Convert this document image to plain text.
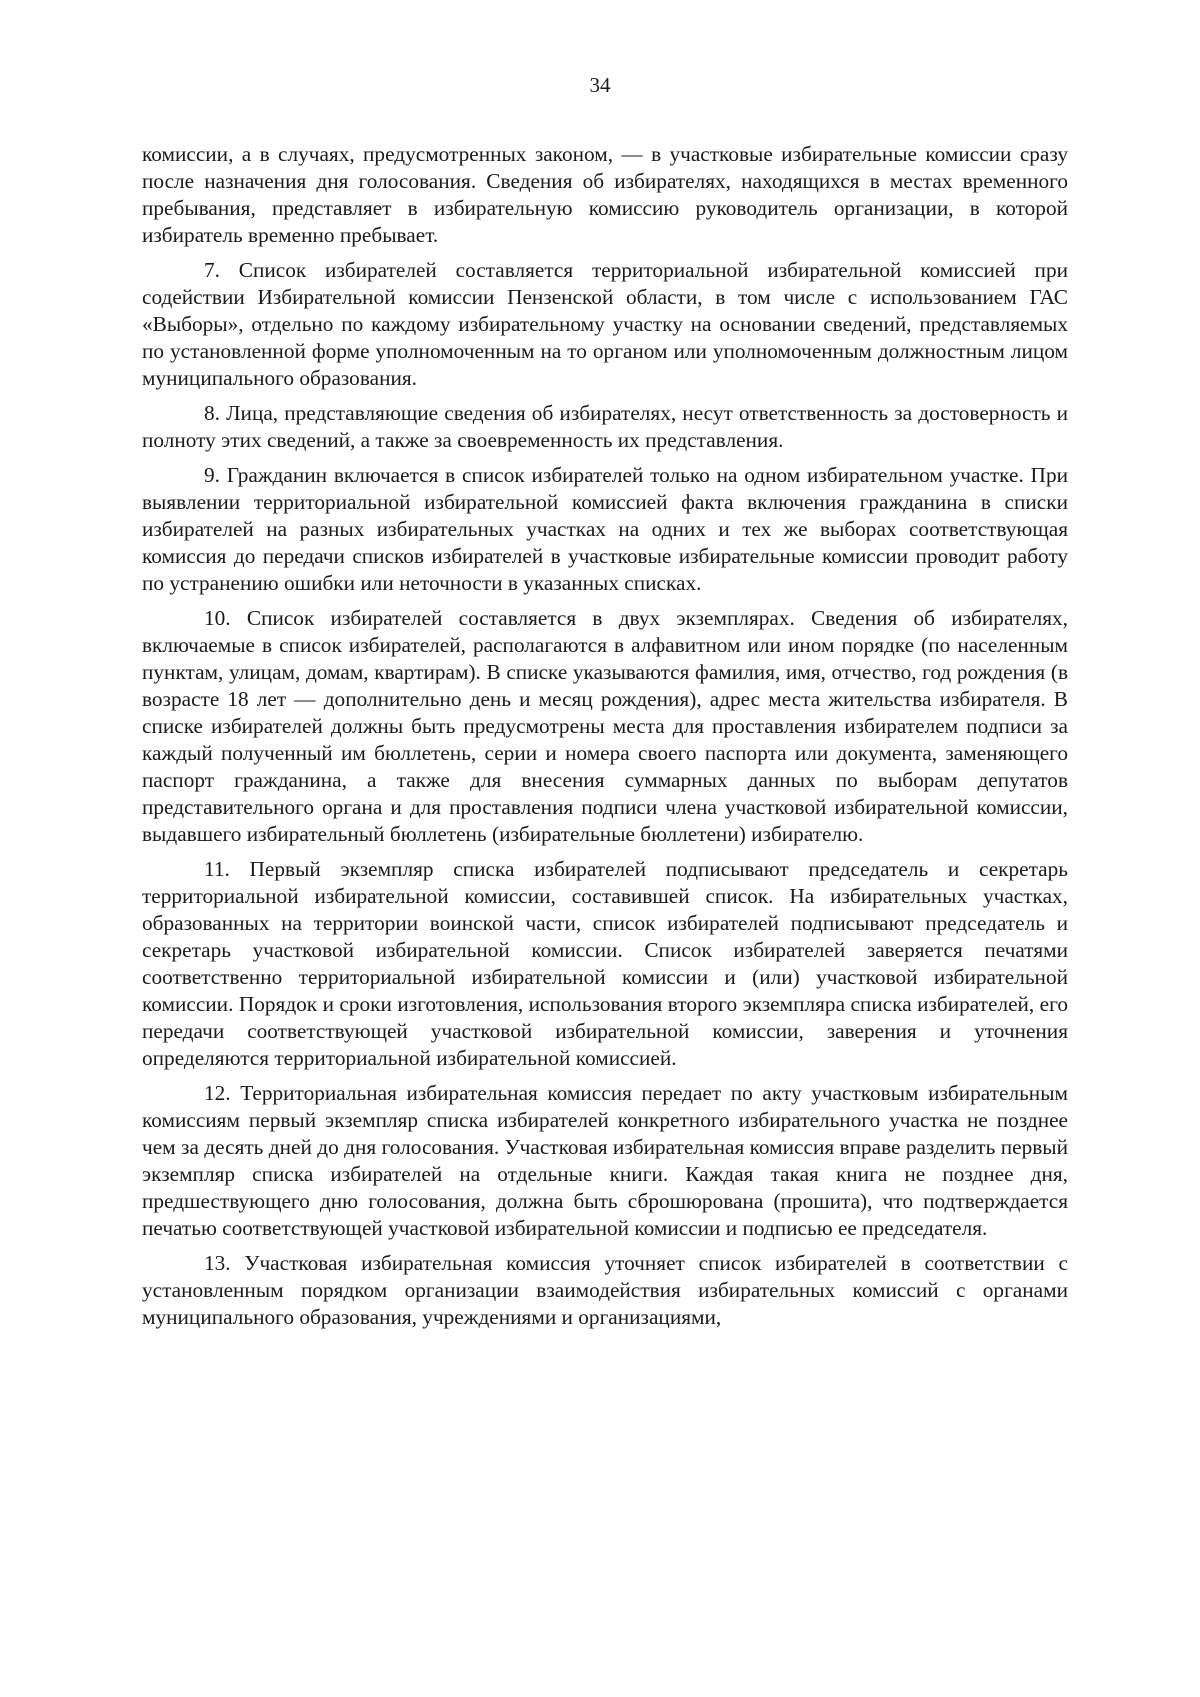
34

комиссии, а в случаях, предусмотренных законом, — в участковые избирательные комиссии сразу после назначения дня голосования. Сведения об избирателях, находящихся в местах временного пребывания, представляет в избирательную комиссию руководитель организации, в которой избиратель временно пребывает.

7. Список избирателей составляется территориальной избирательной комиссией при содействии Избирательной комиссии Пензенской области, в том числе с использованием ГАС «Выборы», отдельно по каждому избирательному участку на основании сведений, представляемых по установленной форме уполномоченным на то органом или уполномоченным должностным лицом муниципального образования.

8. Лица, представляющие сведения об избирателях, несут ответственность за достоверность и полноту этих сведений, а также за своевременность их представления.

9. Гражданин включается в список избирателей только на одном избирательном участке. При выявлении территориальной избирательной комиссией факта включения гражданина в списки избирателей на разных избирательных участках на одних и тех же выборах соответствующая комиссия до передачи списков избирателей в участковые избирательные комиссии проводит работу по устранению ошибки или неточности в указанных списках.

10. Список избирателей составляется в двух экземплярах. Сведения об избирателях, включаемые в список избирателей, располагаются в алфавитном или ином порядке (по населенным пунктам, улицам, домам, квартирам). В списке указываются фамилия, имя, отчество, год рождения (в возрасте 18 лет — дополнительно день и месяц рождения), адрес места жительства избирателя. В списке избирателей должны быть предусмотрены места для проставления избирателем подписи за каждый полученный им бюллетень, серии и номера своего паспорта или документа, заменяющего паспорт гражданина, а также для внесения суммарных данных по выборам депутатов представительного органа и для проставления подписи члена участковой избирательной комиссии, выдавшего избирательный бюллетень (избирательные бюллетени) избирателю.

11. Первый экземпляр списка избирателей подписывают председатель и секретарь территориальной избирательной комиссии, составившей список. На избирательных участках, образованных на территории воинской части, список избирателей подписывают председатель и секретарь участковой избирательной комиссии. Список избирателей заверяется печатями соответственно территориальной избирательной комиссии и (или) участковой избирательной комиссии. Порядок и сроки изготовления, использования второго экземпляра списка избирателей, его передачи соответствующей участковой избирательной комиссии, заверения и уточнения определяются территориальной избирательной комиссией.

12. Территориальная избирательная комиссия передает по акту участковым избирательным комиссиям первый экземпляр списка избирателей конкретного избирательного участка не позднее чем за десять дней до дня голосования. Участковая избирательная комиссия вправе разделить первый экземпляр списка избирателей на отдельные книги. Каждая такая книга не позднее дня, предшествующего дню голосования, должна быть сброшюрована (прошита), что подтверждается печатью соответствующей участковой избирательной комиссии и подписью ее председателя.

13. Участковая избирательная комиссия уточняет список избирателей в соответствии с установленным порядком организации взаимодействия избирательных комиссий с органами муниципального образования, учреждениями и организациями,
